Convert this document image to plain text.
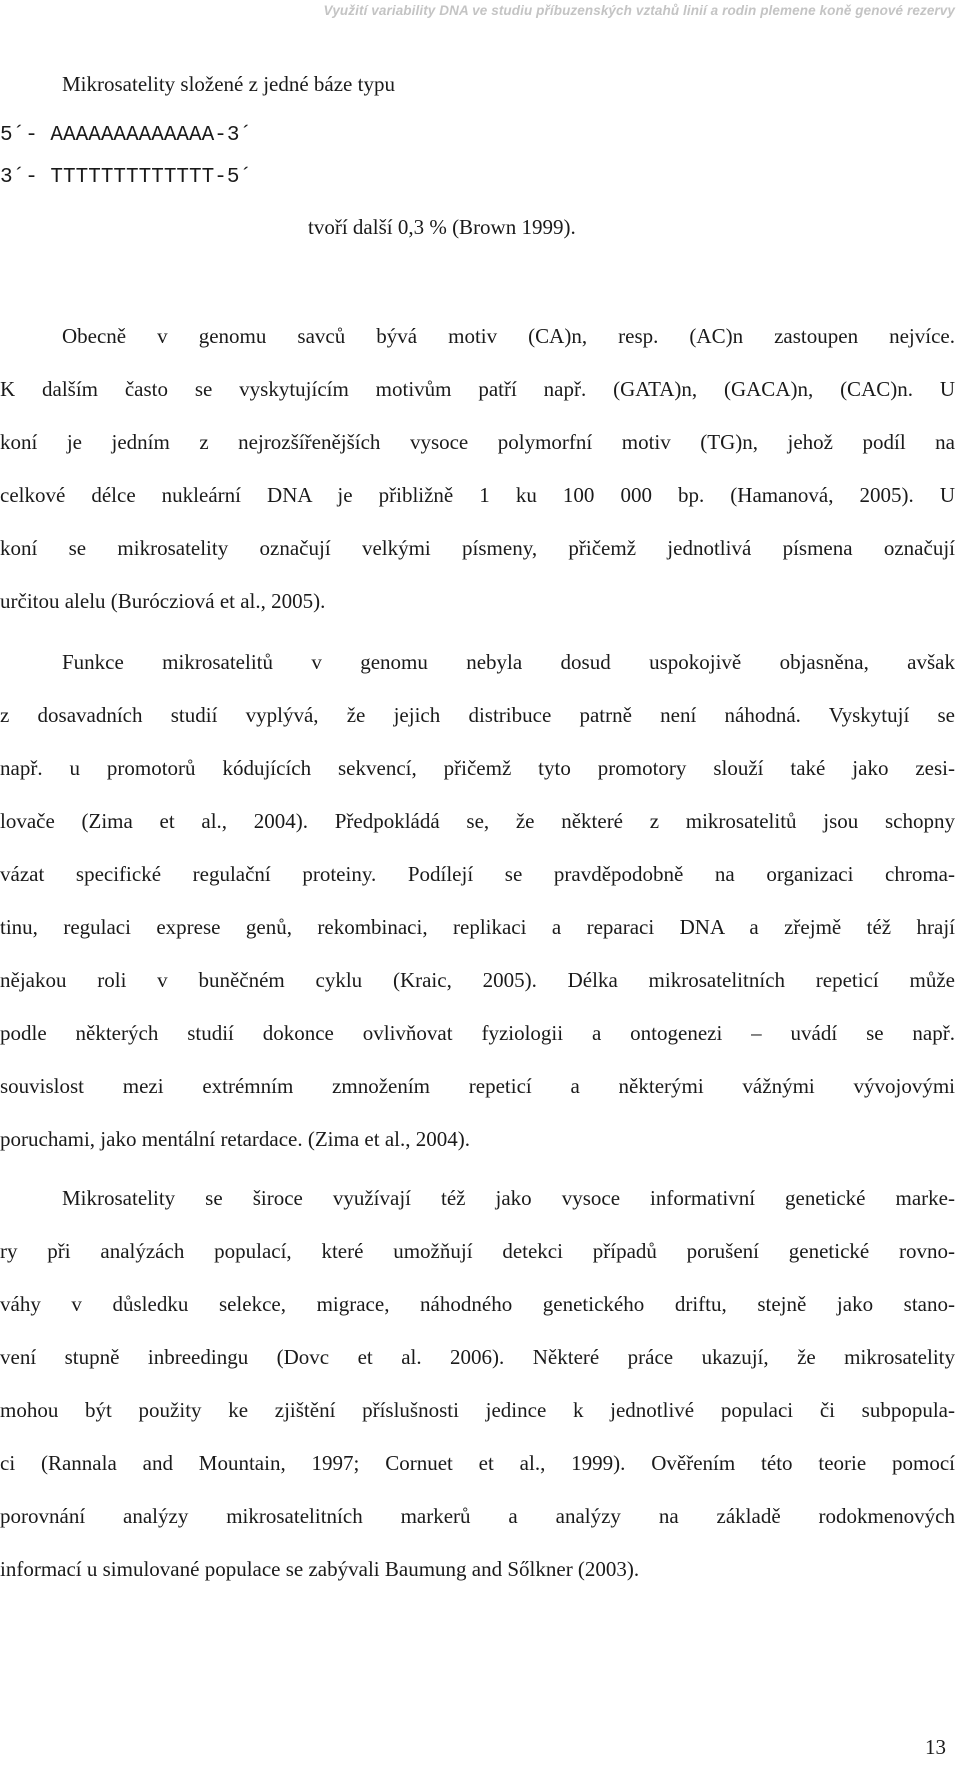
Využití variability DNA ve studiu příbuzenských vztahů linií a rodin plemene koně genové rezervy
Mikrosatelity složené z jedné báze typu
5´- AAAAAAAAAAAAA-3´
3´- TTTTTTTTTTTTT-5´
tvoří další 0,3 % (Brown 1999).
Obecně v genomu savců bývá motiv (CA)n, resp. (AC)n zastoupen nejvíce.
K dalším často se vyskytujícím motivům patří např. (GATA)n, (GACA)n, (CAC)n. U
koní je jedním z nejrozšířenějších vysoce polymorfní motiv (TG)n, jehož podíl na
celkové délce nukleární DNA je přibližně 1 ku 100 000 bp. (Hamanová, 2005). U
koní se mikrosatelity označují velkými písmeny, přičemž jednotlivá písmena označují
určitou alelu (Burócziová et al., 2005).
Funkce mikrosatelitů v genomu nebyla dosud uspokojivě objasněna, avšak
z dosavadních studií vyplývá, že jejich distribuce patrně není náhodná. Vyskytují se
např. u promotorů kódujících sekvencí, přičemž tyto promotory slouží také jako zesi-
lovače (Zima et al., 2004). Předpokládá se, že některé z mikrosatelitů jsou schopny
vázat specifické regulační proteiny. Podílejí se pravděpodobně na organizaci chroma-
tinu, regulaci exprese genů, rekombinaci, replikaci a reparaci DNA a zřejmě též hrají
nějakou roli v buněčném cyklu (Kraic, 2005). Délka mikrosatelitních repeticí může
podle některých studií dokonce ovlivňovat fyziologii a ontogenezi – uvádí se např.
souvislost mezi extrémním zmnožením repeticí a některými vážnými vývojovými
poruchami, jako mentální retardace. (Zima et al., 2004).
Mikrosatelity se široce využívají též jako vysoce informativní genetické marke-
ry při analýzách populací, které umožňují detekci případů porušení genetické rovno-
váhy v důsledku selekce, migrace, náhodného genetického driftu, stejně jako stano-
vení stupně inbreedingu (Dovc et al. 2006). Některé práce ukazují, že mikrosatelity
mohou být použity ke zjištění příslušnosti jedince k jednotlivé populaci či subpopula-
ci (Rannala and Mountain, 1997; Cornuet et al., 1999). Ověřením této teorie pomocí
porovnání analýzy mikrosatelitních markerů a analýzy na základě rodokmenových
informací u simulované populace se zabývali Baumung and Sőlkner (2003).
13
